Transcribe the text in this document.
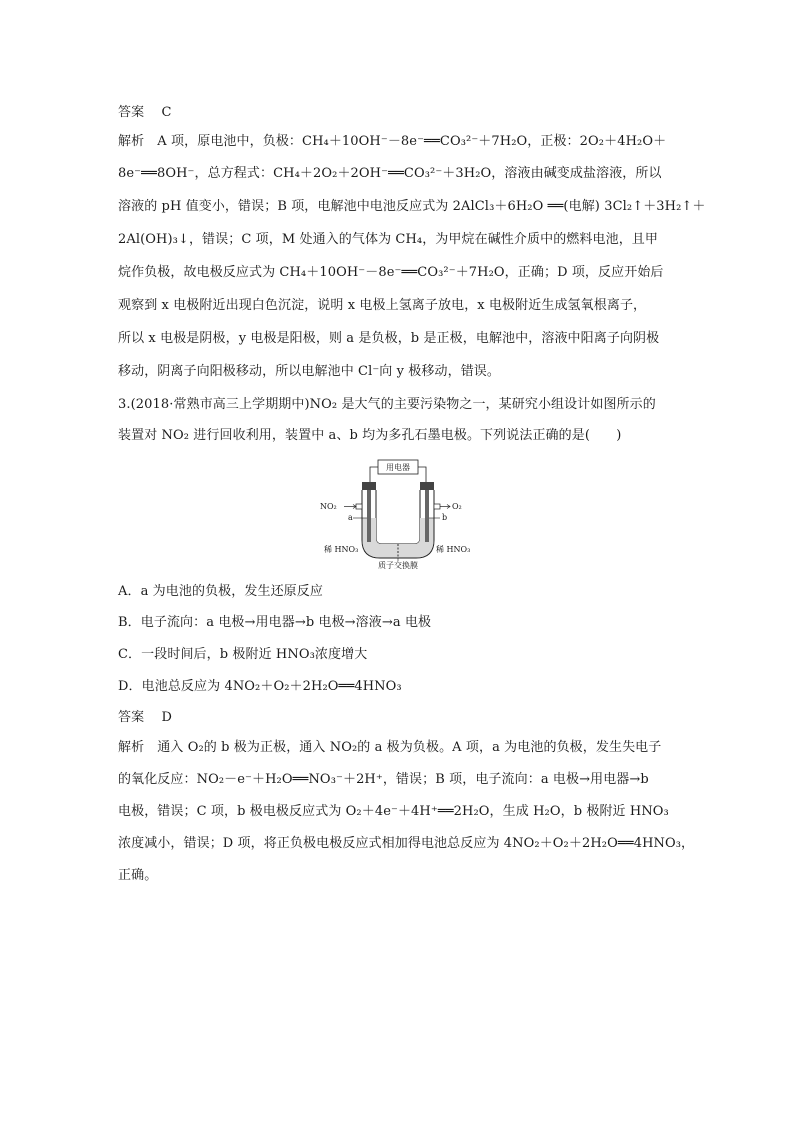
答案　 C
解析　A 项，原电池中，负极：CH₄＋10OH⁻－8e⁻══CO₃²⁻＋7H₂O，正极：2O₂＋4H₂O＋
8e⁻══8OH⁻，总方程式：CH₄＋2O₂＋2OH⁻══CO₃²⁻＋3H₂O，溶液由碱变成盐溶液，所以
溶液的 pH 值变小，错误；B 项，电解池中电池反应式为 2AlCl₃＋6H₂O ══(电解) 3Cl₂↑＋3H₂↑＋
2Al(OH)₃↓，错误；C 项，M 处通入的气体为 CH₄，为甲烷在碱性介质中的燃料电池，且甲
烷作负极，故电极反应式为 CH₄＋10OH⁻－8e⁻══CO₃²⁻＋7H₂O，正确；D 项，反应开始后
观察到 x 电极附近出现白色沉淀，说明 x 电极上氢离子放电，x 电极附近生成氢氧根离子，
所以 x 电极是阴极，y 电极是阳极，则 a 是负极，b 是正极，电解池中，溶液中阳离子向阴极
移动，阴离子向阳极移动，所以电解池中 Cl⁻向 y 极移动，错误。
3.(2018·常熟市高三上学期期中)NO₂ 是大气的主要污染物之一，某研究小组设计如图所示的
装置对 NO₂ 进行回收利用，装置中 a、b 均为多孔石墨电极。下列说法正确的是(　　)
用电器
NO₂	O₂
a	b
稀 HNO₃	稀 HNO₃
质子交换膜
A．a 为电池的负极，发生还原反应
B．电子流向：a 电极→用电器→b 电极→溶液→a 电极
C．一段时间后，b 极附近 HNO₃浓度增大
D．电池总反应为 4NO₂＋O₂＋2H₂O══4HNO₃
答案　 D
解析　通入 O₂的 b 极为正极，通入 NO₂的 a 极为负极。A 项，a 为电池的负极，发生失电子
的氧化反应：NO₂－e⁻＋H₂O══NO₃⁻＋2H⁺，错误；B 项，电子流向：a 电极→用电器→b
电极，错误；C 项，b 极电极反应式为 O₂＋4e⁻＋4H⁺══2H₂O，生成 H₂O，b 极附近 HNO₃
浓度减小，错误；D 项，将正负极电极反应式相加得电池总反应为 4NO₂＋O₂＋2H₂O══4HNO₃，
正确。
